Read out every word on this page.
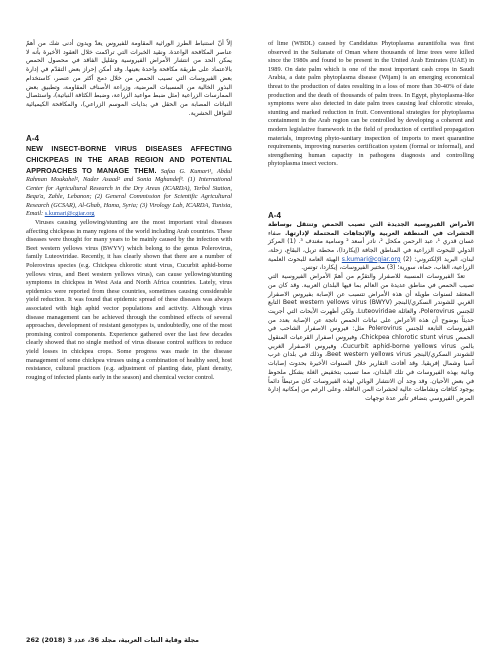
إلاّ أنّ استنباط الطرز الوراثية المقاومة للفيروس يعدّ ويدون أدنى شك من أهمّ عناصر المكافحة الواعدة. ونقيد الخبرات التي تراكمت خلال العقود الأخيرة بأنه لا يمكن الحد من انتشار الأمراض الفيروسية وتقليل الفاقد في محصول الحمص بالاعتماد على طريقة مكافحة واحدة بعينها. وقد أمكن إحراز بعض التقدّم في إدارة بعض الفيروسات التي تصيب الحمص من خلال دمج أكثر من عنصر، كاستخدام البذور الخالية من المسببات المرضية، وزراعة الأصناف المقاومة، وتطبيق بعض الممارسات الزراعية (مثل ضبط مواعيد الزراعة، وضبط الكثافة النباتية)، واستئصال النباتات المصابة من الحقل في بدايات الموسم الزراعي)، والمكافحة الكيميائية للنواقل الحشرية.

A-4

NEW INSECT-BORNE VIRUS DISEASES AFFECTING CHICKPEAS IN THE ARAB REGION AND POTENTIAL APPROACHES TO MANAGE THEM. Safaa G. Kumari¹, Abdul Rahman Moukahel², Nader Asaad² and Sonia Mghandef³. (1) International Center for Agricultural Research in the Dry Areas (ICARDA), Terbol Station, Beqa'a, Zahle, Lebanon; (2) General Commission for Scientific Agricultural Research (GCSAR), Al-Ghab, Hama, Syria; (3) Virology Lab, ICARDA, Tunisia, Email: s.kumari@cgiar.org

Viruses causing yellowing/stunting are the most important viral diseases affecting chickpeas in many regions of the world including Arab countries. These diseases were thought for many years to be mainly caused by the infection with Beet western yellows virus (BWYV) which belong to the genus Polerovirus, family Luteoviridae. Recently, it has clearly shown that there are a number of Polerovirus species (e.g. Chickpea chlorotic stunt virus, Cucurbit aphid-borne yellows virus, and Beet western yellows virus), can cause yellowing/stunting symptoms in chickpea in West Asia and North Africa countries. Lately, virus epidemics were reported from these countries, sometimes causing considerable yield reduction. It was found that epidemic spread of these diseases was always associated with high aphid vector populations and activity. Although virus disease management can be achieved through the combined effects of several approaches, development of resistant genotypes is, undoubtedly, one of the most promising control components. Experience gathered over the last few decades clearly showed that no single method of virus disease control suffices to reduce yield losses in chickpea crops. Some progress was made in the disease management of some chickpea viruses using a combination of healthy seed, host resistance, cultural practices (e.g. adjustment of planting date, plant density, rouging of infected plants early in the season) and chemical vector control.

of lime (WBDL) caused by Candidatus Phytoplasma aurantifolia was first observed in the Sultanate of Oman where thousands of lime trees were killed since the 1980s and found to be present in the United Arab Emirates (UAE) in 1989. On date palm which is one of the most important cash crops in Saudi Arabia, a date palm phytoplasma disease (Wijam) is an emerging economical threat to the production of dates resulting in a loss of more than 30-40% of date production and the death of thousands of palm trees. In Egypt, phytoplasma-like symptoms were also detected in date palm trees causing leaf chlorotic streaks, stunting and marked reduction in fruit. Conventional strategies for phytoplasma containment in the Arab region can be controlled by developing a coherent and modern legislative framework in the field of production of certified propagation materials, improving phyto-sanitary inspection of imports to meet quarantine requirements, improving nurseries certification system (formal or informal), and strengthening human capacity in pathogens diagnosis and controlling phytoplasma insect vectors.

A-4

الأمراض الفيروسية الجديدة التي تصيب الحمص وتنتقل بوساطة الحشرات في المنطقة العربية والإتجاهات المحتملة لإدارتها. صفاء غسان قدري ¹، عبد الرحمن مكحل ²، نادر أسعد ² وسامية مغندف ³. (1) المركز الدولي للبحوث الزراعية في المناطق الجافة (إيكاردا)، محطة تربل، البقاع، زحلة، لبنان، البريد الإلكتروني: s.kumari@cgiar.org (2) الهيئة العامة للبحوث العلمية الزراعية، الغاب، حماه، سورية؛ (3) مختبر الفيروسات، إيكاردا، تونس.

تعدّ الفيروسات المسببة للاصفرار والتقزّم من أهمّ الأمراض الفيروسية التي تصيب الحمص في مناطق عديدة من العالم بما فيها البلدان العربية. وقد كان من المعتقد لسنوات طويلة أن هذه الأمراض تتسبب عن الإصابة بفيروس الاصفرار الغربي للشوندر السكري/البنجر (BWYV) Beet western yellows virus التابع للجنس Polerovirus، والعائلة Luteoviridae. ولكن أظهرت الأبحاث التي أجريت حديثاً بوضوح أن هذه الأعراض على نباتات الحمص ناتجة عن الإصابة بعدد من الفيروسات التابعة للجنس Polerovirus مثل: فيروس الاصفرار الشاحب في الحمص Chickpea chlorotic stunt virus، وفيروس اصفرار القرعيات المنقول بالمن Cucurbit aphid-borne yellows virus، وفيروس الاصفرار الغربي للشوندر السكري/البنجر Beet western yellows virus، وذلك في بلدان غرب آسيا وشمال إفريقيا. وقد أفادت التقارير خلال السنوات الأخيرة بحدوث إصابات وبائية بهذه الفيروسات في تلك البلدان، مما تسبب بتخفيض الغلة بشكل ملحوظ في بعض الأحيان. وقد وجد أن الانتشار الوبائي لهذه الفيروسات كان مرتبطاً دائماً بوجود كثافات ونشاطات عالية لحشرات المن الناقلة. وعلى الرغم من إمكانية إدارة المرض الفيروسي بتضافر تأثير عدة توجهات

مجلة وقاية النبات العربية، مجلد 36، عدد 3 (2018) 262
